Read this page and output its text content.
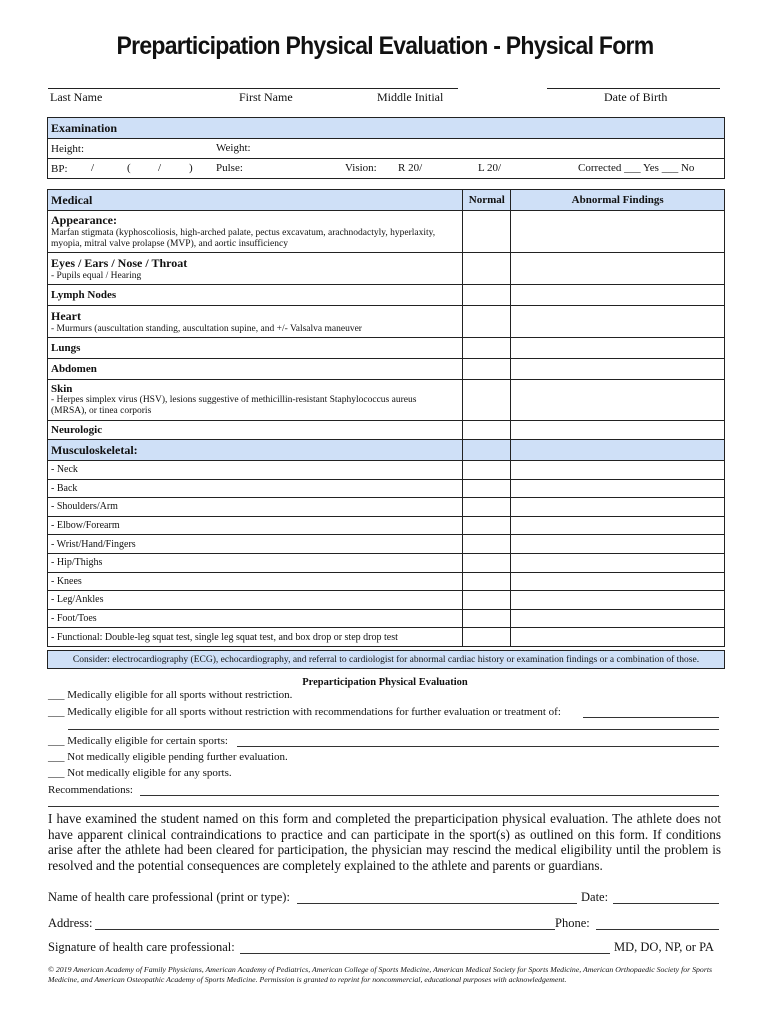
Preparticipation Physical Evaluation - Physical Form
Last Name	First Name	Middle Initial	Date of Birth
Examination
Height:	Weight:

BP: /	( /	) Pulse:	Vision: R 20/	L 20/	Corrected ___ Yes ___ No
Medical	Normal	Abnormal Findings

Appearance:
Marfan stigmata (kyphoscoliosis, high-arched palate, pectus excavatum, arachnodactyly, hyperlaxity, myopia, mitral valve prolapse (MVP), and aortic insufficiency		

Eyes / Ears / Nose / Throat
- Pupils equal / Hearing		

Lymph Nodes		

Heart
- Murmurs (auscultation standing, auscultation supine, and +/- Valsalva maneuver		

Lungs		

Abdomen		

Skin
- Herpes simplex virus (HSV), lesions suggestive of methicillin-resistant Staphylococcus aureus (MRSA), or tinea corporis		

Neurologic		

Musculoskeletal:		
- Neck		
- Back		
- Shoulders/Arm		
- Elbow/Forearm		
- Wrist/Hand/Fingers		
- Hip/Thighs		
- Knees		
- Leg/Ankles		
- Foot/Toes		
- Functional: Double-leg squat test, single leg squat test, and box drop or step drop test		
Consider: electrocardiography (ECG), echocardiography, and referral to cardiologist for abnormal cardiac history or examination findings or a combination of those.
Preparticipation Physical Evaluation
___ Medically eligible for all sports without restriction.
___ Medically eligible for all sports without restriction with recommendations for further evaluation or treatment of:
___ Medically eligible for certain sports:
___ Not medically eligible pending further evaluation.
___ Not medically eligible for any sports.
Recommendations:
I have examined the student named on this form and completed the preparticipation physical evaluation. The athlete does not have apparent clinical contraindications to practice and can participate in the sport(s) as outlined on this form. If conditions arise after the athlete had been cleared for participation, the physician may rescind the medical eligibility until the problem is resolved and the potential consequences are completely explained to the athlete and parents or guardians.
Name of health care professional (print or type):	Date:
Address:	Phone:
Signature of health care professional:	MD, DO, NP, or PA
© 2019 American Academy of Family Physicians, American Academy of Pediatrics, American College of Sports Medicine, American Medical Society for Sports Medicine, American Orthopaedic Society for Sports Medicine, and American Osteopathic Academy of Sports Medicine. Permission is granted to reprint for noncommercial, educational purposes with acknowledgement.
